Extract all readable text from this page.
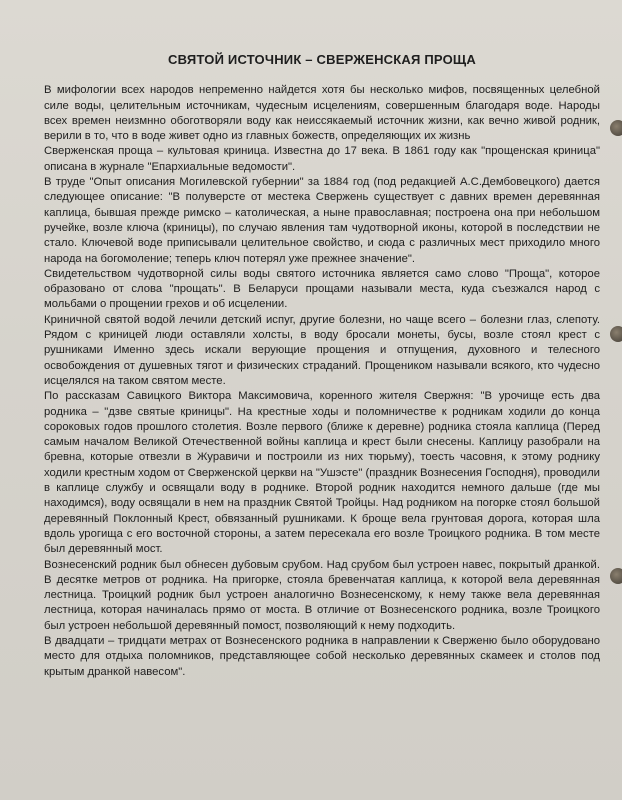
СВЯТОЙ ИСТОЧНИК – СВЕРЖЕНСКАЯ ПРОЩА

В мифологии всех народов непременно найдется хотя бы несколько мифов, посвященных целебной силе воды, целительным источникам, чудесным исцелениям, совершенным благодаря воде. Народы всех времен неизмнно обоготворяли воду как неиссякаемый источник жизни, как вечно живой родник, верили в то, что в воде живет одно из главных божеств, определяющих их жизнь

Сверженская проща – культовая криница. Известна до 17 века. В 1861 году как "прощенская криница" описана в журнале "Епархиальные ведомости".

В труде "Опыт описания Могилевской губернии" за 1884 год (под редакцией А.С.Дембовецкого) дается следующее описание: "В полуверсте от местека Свержень существует с давних времен деревянная каплица, бывшая прежде римско – католическая, а ныне православная; построена она при небольшом ручейке, возле ключа (криницы), по случаю явления там чудотворной иконы, которой в последствии не стало. Ключевой воде приписывали целительное свойство, и сюда с различных мест приходило много народа на богомоление; теперь ключ потерял уже прежнее значение".

Свидетельством чудотворной силы воды святого источника является само слово "Проща", которое образовано от слова "прощать". В Беларуси прощами называли места, куда съезжался народ с мольбами о прощении грехов и об исцелении.

Криничной святой водой лечили детский испуг, другие болезни, но чаще всего – болезни глаз, слепоту. Рядом с криницей люди оставляли холсты, в воду бросали монеты, бусы, возле стоял крест с рушниками Именно здесь искали верующие прощения и отпущения, духовного и телесного освобождения от душевных тягот и физических страданий. Прощеником называли всякого, кто чудесно исцелялся на таком святом месте.

По рассказам Савицкого Виктора Максимовича, коренного жителя Свержня: "В урочище есть два родника – "дзве святые криницы". На крестные ходы и поломничестве к родникам ходили до конца сороковых годов прошлого столетия. Возле первого (ближе к деревне) родника стояла каплица (Перед самым началом Великой Отечественной войны каплица и крест были снесены. Каплицу разобрали на бревна, которые отвезли в Журавичи и построили из них тюрьму), тоесть часовня, к этому роднику ходили крестным ходом от Сверженской церкви на "Ушэсте" (праздник Вознесения Господня), проводили в каплице службу и освящали воду в роднике. Второй родник находится немного дальше (где мы находимся), воду освящали в нем на праздник Святой Тройцы. Над родником на погорке стоял большой деревянный Поклонный Крест, обвязанный рушниками. К броще вела грунтовая дорога, которая шла вдоль урогища с его восточной стороны, а затем пересекала его возле Троицкого родника. В том месте был деревянный мост.

Вознесенский родник был обнесен дубовым срубом. Над срубом был устроен навес, покрытый дранкой. В десятке метров от родника. На пригорке, стояла бревенчатая каплица, к которой вела деревянная лестница. Троицкий родник был устроен аналогично Вознесенскому, к нему также вела деревянная лестница, которая начиналась прямо от моста. В отличие от Вознесенского родника, возле Троицкого был устроен небольшой деревянный помост, позволяющий к нему подходить.

В двадцати – тридцати метрах от Вознесенского родника в направлении к Сверженю было оборудовано место для отдыха поломников, представляющее собой несколько деревянных скамеек и столов под крытым дранкой навесом".
